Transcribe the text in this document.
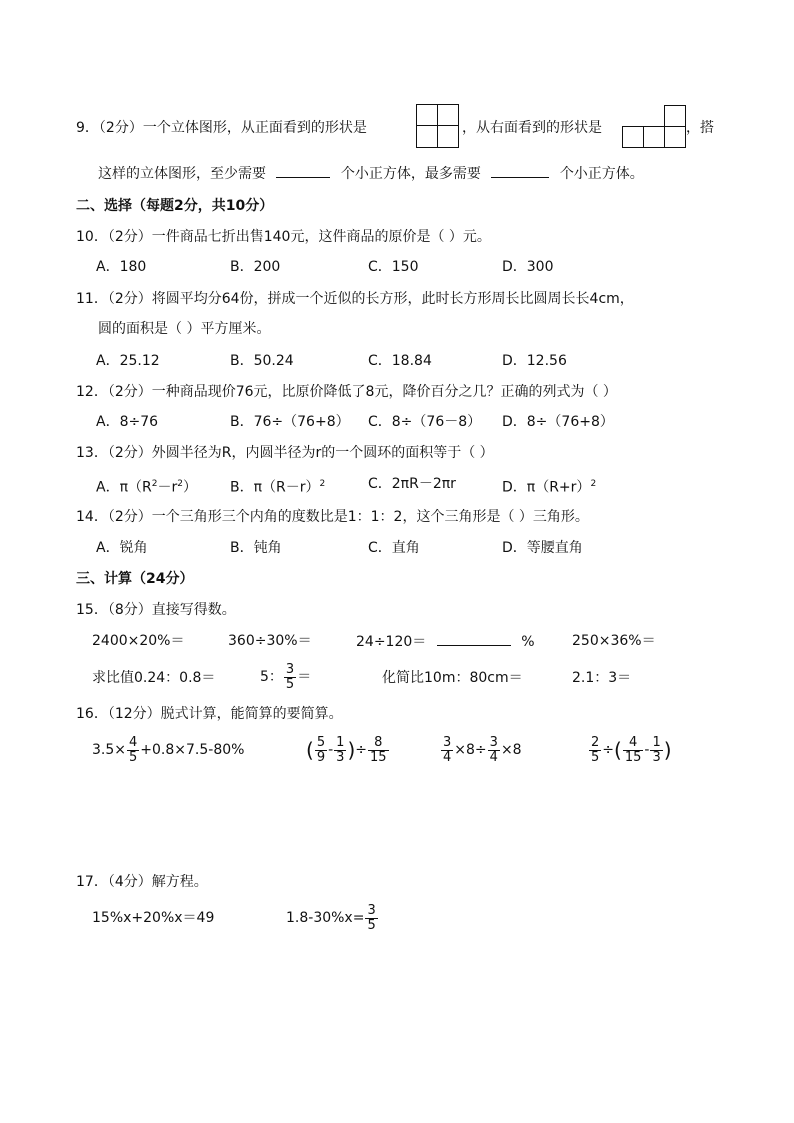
9．（2分）一个立体图形，从正面看到的形状是	，从右面看到的形状是	，搭
这样的立体图形，至少需要	个小正方体，最多需要	个小正方体。
二、选择（每题2分，共10分）
10．（2分）一件商品七折出售140元，这件商品的原价是（ ）元。
A．180	B．200	C．150	D．300
11．（2分）将圆平均分64份，拼成一个近似的长方形，此时长方形周长比圆周长长4cm，
圆的面积是（ ）平方厘米。
A．25.12	B．50.24	C．18.84	D．12.56
12．（2分）一种商品现价76元，比原价降低了8元，降价百分之几？正确的列式为（ ）
A．8÷76	B．76÷（76+8） C．8÷（76－8） D．8÷（76+8）
13．（2分）外圆半径为R，内圆半径为r的一个圆环的面积等于（ ）
A．$\pi(R^2-r^2)$ B．$\pi(R-r)^2$	C．2πR－2πr	D．$\pi(R+r)^2$
14．（2分）一个三角形三个内角的度数比是1：1：2，这个三角形是（ ）三角形。
A．锐角	B．钝角	C．直角	D．等腰直角
三、计算（24分）
15．（8分）直接写得数。
2400×20%＝	360÷30%＝	24÷120＝	%	250×36%＝
求比值0.24：0.8＝	5： $\frac{3}{5}$ ＝	化简比10m：80cm＝	2.1：3＝
16．（12分）脱式计算，能简算的要简算。
$3.5\times \frac{4}{5} +0.8\times 7.5-80\%$	( $\frac{5}{9} - \frac{1}{3}$ )÷ $\frac{8}{15}$	$\frac{3}{4} \times 8\div \frac{3}{4} \times 8$	$\frac{2}{5}$ ÷( $\frac{4}{15} - \frac{1}{3}$ )
17．（4分）解方程。
15%x+20%x＝49	$1.8-30\%x= \frac{3}{5}$
